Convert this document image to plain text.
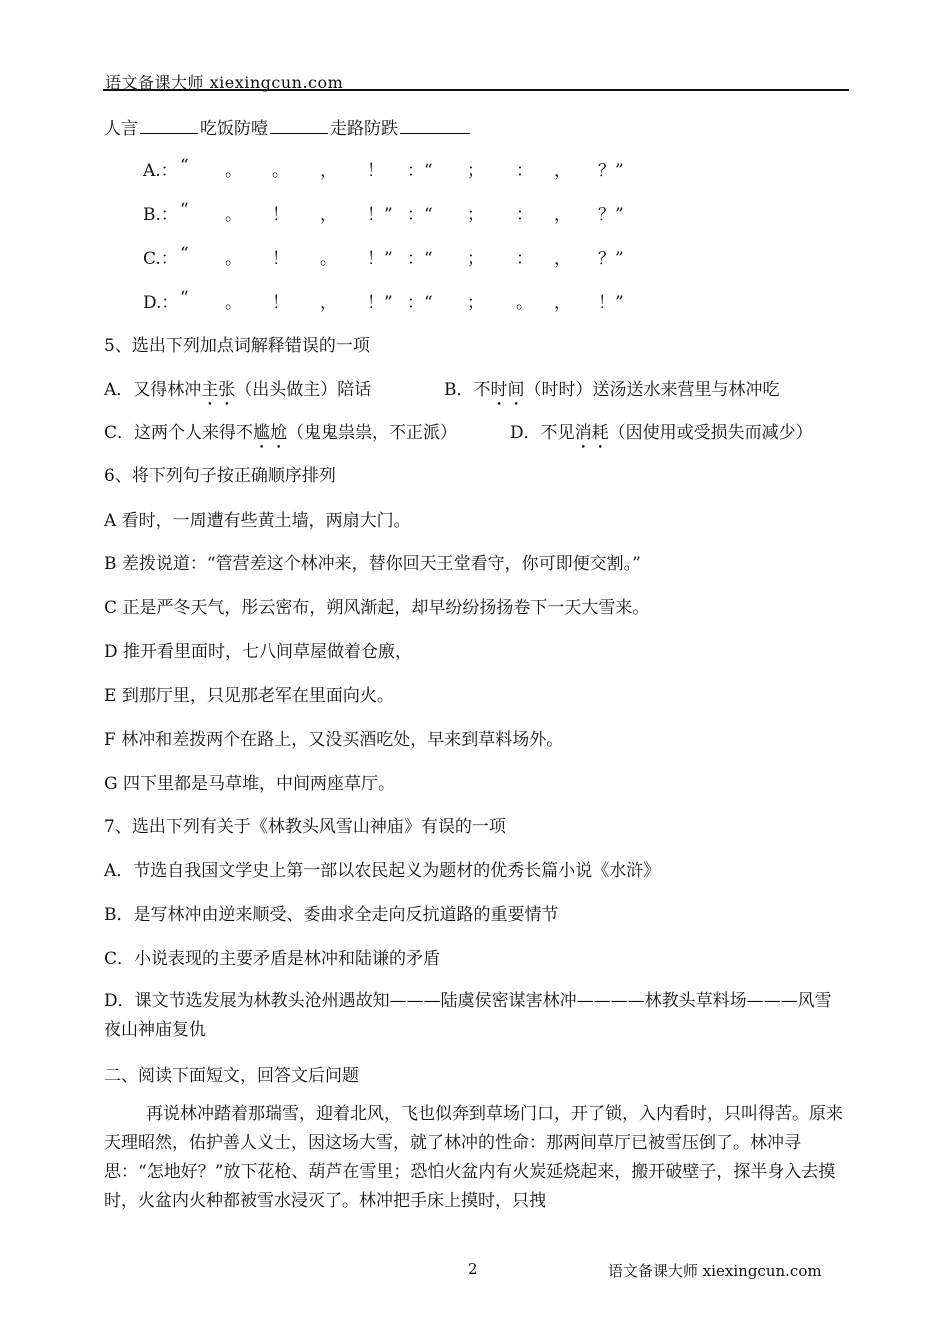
语文备课大师 xiexingcun.com
人言	吃饭防噎	走路防跌
A.： “ 。 。 ， ！ ：“ ； ： ， ？”
B.： “ 。 ！ ， ！” ：“ ； ： ， ？”
C.： “ 。 ！ 。 ！” ：“ ； ： ， ？”
D.： “ 。 ！ ， ！” ：“ ； 。 ， ！”
5、选出下列加点词解释错误的一项
A．又得林冲主张（出头做主）陪话	B．不时间（时时）送汤送水来营里与林冲吃
C．这两个人来得不尴尬（鬼鬼祟祟，不正派）	D．不见消耗（因使用或受损失而减少）
6、将下列句子按正确顺序排列
A 看时，一周遭有些黄土墙，两扇大门。
B 差拨说道：“管营差这个林冲来，替你回天王堂看守，你可即便交割。”
C 正是严冬天气，彤云密布，朔风渐起，却早纷纷扬扬卷下一天大雪来。
D 推开看里面时，七八间草屋做着仓廒，
E 到那厅里，只见那老军在里面向火。
F 林冲和差拨两个在路上，又没买酒吃处，早来到草料场外。
G 四下里都是马草堆，中间两座草厅。
7、选出下列有关于《林教头风雪山神庙》有误的一项
A．节选自我国文学史上第一部以农民起义为题材的优秀长篇小说《水浒》
B．是写林冲由逆来顺受、委曲求全走向反抗道路的重要情节
C．小说表现的主要矛盾是林冲和陆谦的矛盾
D．课文节选发展为林教头沧州遇故知———陆虞侯密谋害林冲————林教头草料场———风雪夜山神庙复仇
二、阅读下面短文，回答文后问题
再说林冲踏着那瑞雪，迎着北风，飞也似奔到草场门口，开了锁，入内看时，只叫得苦。原来天理昭然，佑护善人义士，因这场大雪，就了林冲的性命：那两间草厅已被雪压倒了。林冲寻思：“怎地好？”放下花枪、葫芦在雪里；恐怕火盆内有火炭延烧起来，搬开破壁子，探半身入去摸时，火盆内火种都被雪水浸灭了。林冲把手床上摸时，只拽
2	语文备课大师 xiexingcun.com
